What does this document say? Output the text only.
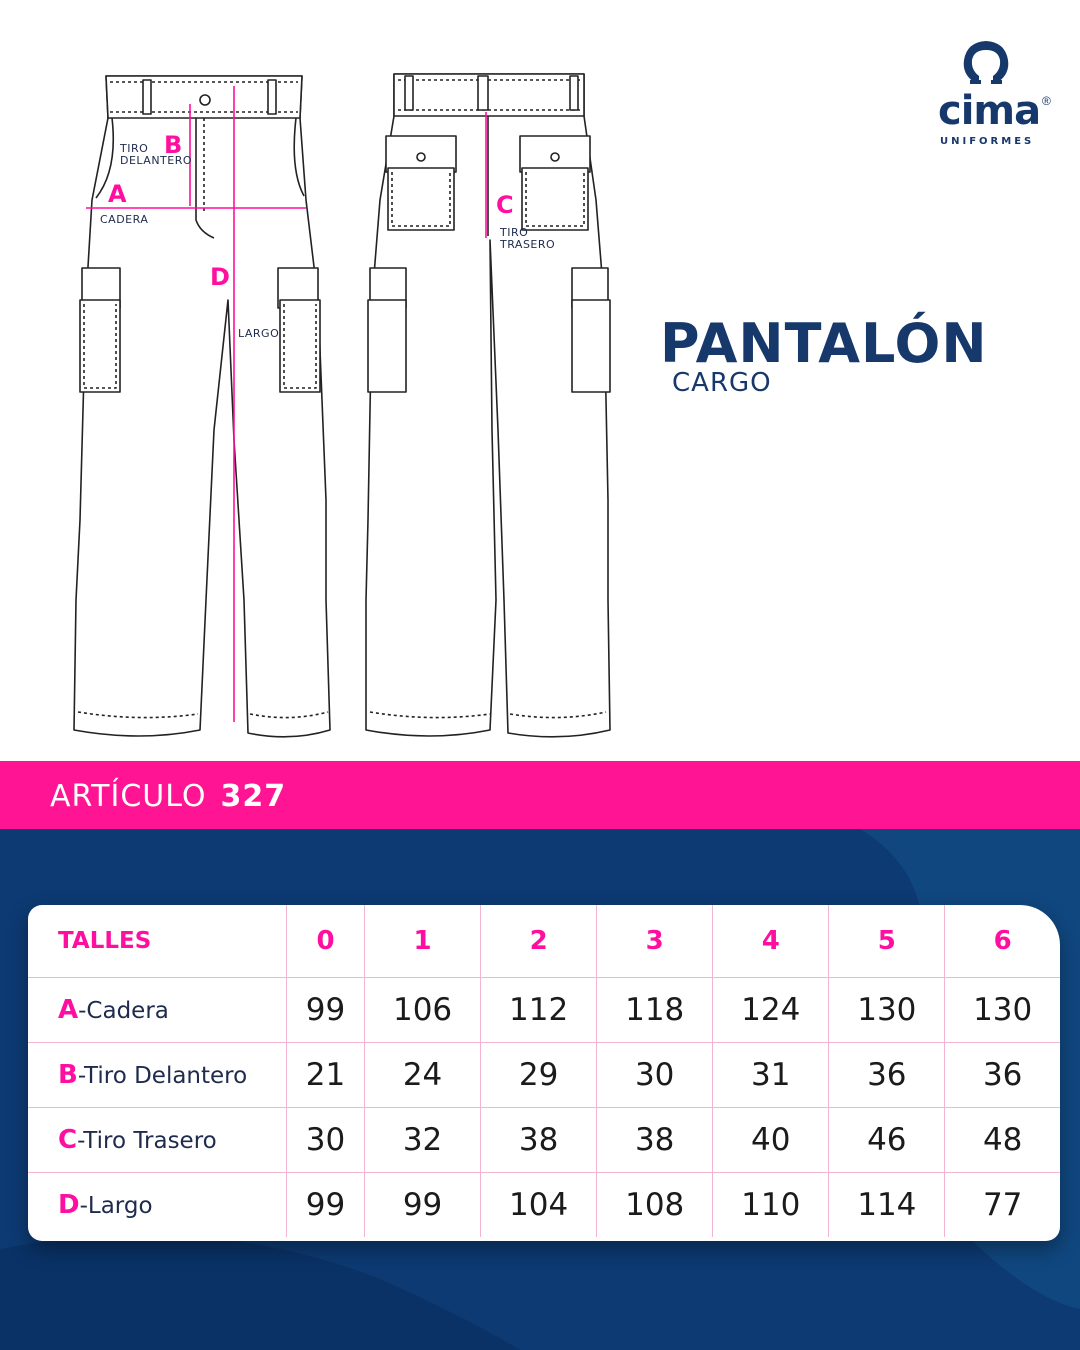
B
TIRO
DELANTERO
A
CADERA
D
LARGO
C
TIRO
TRASERO
cima ®
UNIFORMES
PANTALÓN
CARGO
ARTÍCULO 327
TALLES	0	1	2	3	4	5	6
A-Cadera	99	106	112	118	124	130	130
B-Tiro Delantero	21	24	29	30	31	36	36
C-Tiro Trasero	30	32	38	38	40	46	48
D-Largo	99	99	104	108	110	114	77
